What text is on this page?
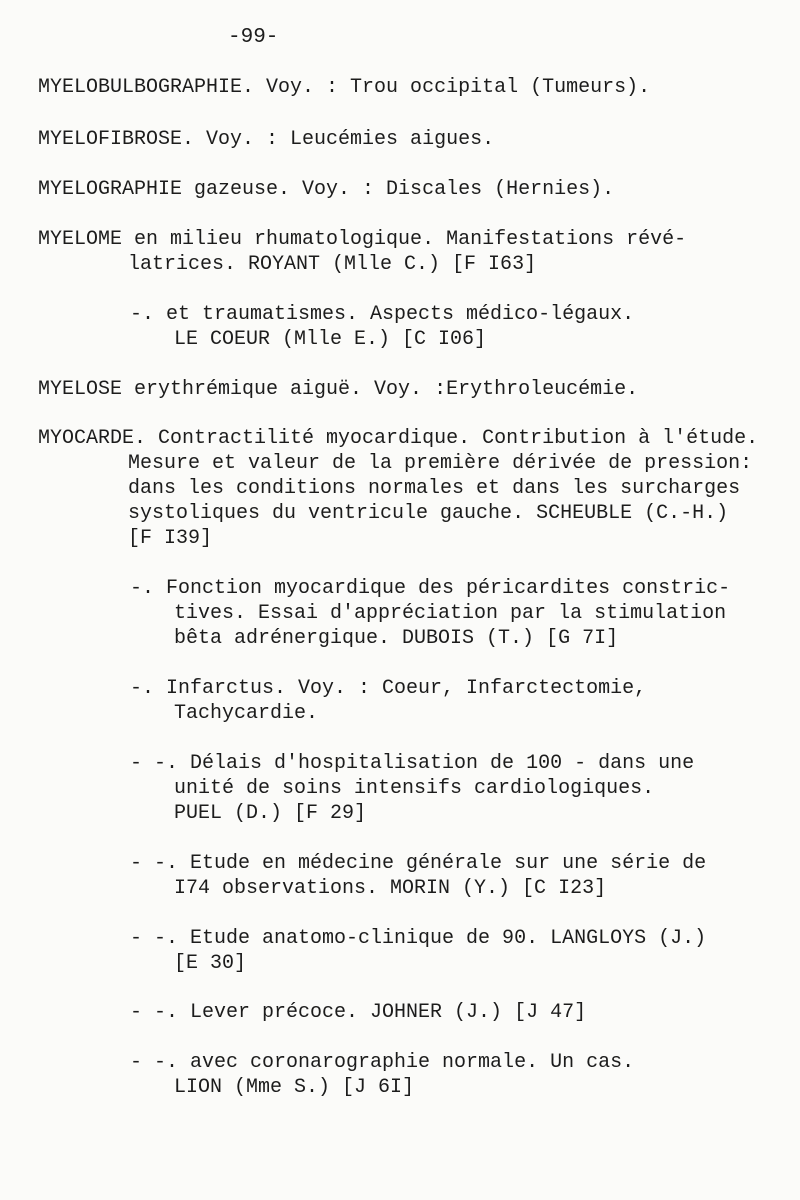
-99-
MYELOBULBOGRAPHIE. Voy. : Trou occipital (Tumeurs).
MYELOFIBROSE. Voy. : Leucémies aigues.
MYELOGRAPHIE gazeuse. Voy. : Discales (Hernies).
MYELOME en milieu rhumatologique. Manifestations révé-
latrices. ROYANT (Mlle C.) [F I63]
-. et traumatismes. Aspects médico-légaux.
LE COEUR (Mlle E.) [C I06]
MYELOSE erythrémique aiguë. Voy. :Erythroleucémie.
MYOCARDE. Contractilité myocardique. Contribution à l'étude.
Mesure et valeur de la première dérivée de pression:
dans les conditions normales et dans les surcharges
systoliques du ventricule gauche. SCHEUBLE (C.-H.)
[F I39]
-. Fonction myocardique des péricardites constric-
tives. Essai d'appréciation par la stimulation
bêta adrénergique. DUBOIS (T.) [G 7I]
-. Infarctus. Voy. : Coeur, Infarctectomie,
Tachycardie.
- -. Délais d'hospitalisation de 100 - dans une
unité de soins intensifs cardiologiques.
PUEL (D.) [F 29]
- -. Etude en médecine générale sur une série de
I74 observations. MORIN (Y.) [C I23]
- -. Etude anatomo-clinique de 90. LANGLOYS (J.)
[E 30]
- -. Lever précoce. JOHNER (J.) [J 47]
- -. avec coronarographie normale. Un cas.
LION (Mme S.) [J 6I]
